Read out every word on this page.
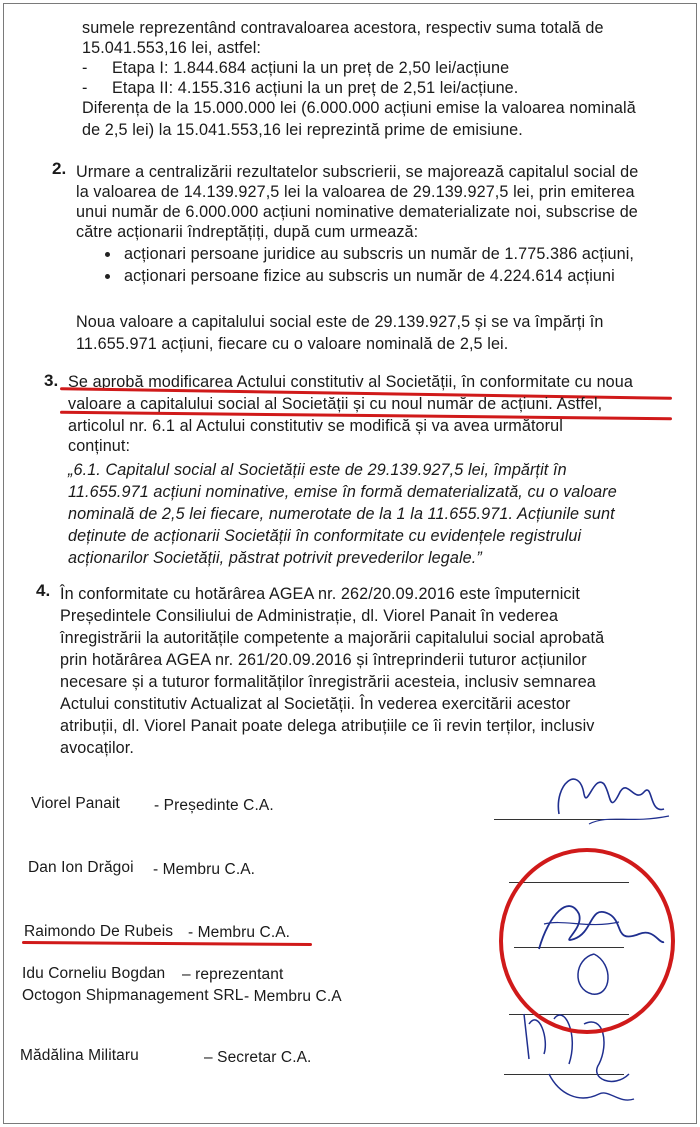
sumele reprezentând contravaloarea acestora, respectiv suma totală de
15.041.553,16 lei, astfel:
- Etapa I: 1.844.684 acțiuni la un preț de 2,50 lei/acțiune
- Etapa II: 4.155.316 acțiuni la un preț de 2,51 lei/acțiune.
Diferența de la 15.000.000 lei (6.000.000 acțiuni emise la valoarea nominală
de 2,5 lei) la 15.041.553,16 lei reprezintă prime de emisiune.
2. Urmare a centralizării rezultatelor subscrierii, se majorează capitalul social de
la valoarea de 14.139.927,5 lei la valoarea de 29.139.927,5 lei, prin emiterea
unui număr de 6.000.000 acțiuni nominative dematerializate noi, subscrise de
către acționarii îndreptățiți, după cum urmează:
acționari persoane juridice au subscris un număr de 1.775.386 acțiuni,
acționari persoane fizice au subscris un număr de 4.224.614 acțiuni
Noua valoare a capitalului social este de 29.139.927,5 și se va împărți în
11.655.971 acțiuni, fiecare cu o valoare nominală de 2,5 lei.
3. Se aprobă modificarea Actului constitutiv al Societății, în conformitate cu noua
valoare a capitalului social al Societății și cu noul număr de acțiuni. Astfel,
articolul nr. 6.1 al Actului constitutiv se modifică și va avea următorul
conținut:
„6.1. Capitalul social al Societății este de 29.139.927,5 lei, împărțit în
11.655.971 acțiuni nominative, emise în formă dematerializată, cu o valoare
nominală de 2,5 lei fiecare, numerotate de la 1 la 11.655.971. Acțiunile sunt
deținute de acționarii Societății în conformitate cu evidențele registrului
acționarilor Societății, păstrat potrivit prevederilor legale.”
4. În conformitate cu hotărârea AGEA nr. 262/20.09.2016 este împuternicit
Președintele Consiliului de Administrație, dl. Viorel Panait în vederea
înregistrării la autoritățile competente a majorării capitalului social aprobată
prin hotărârea AGEA nr. 261/20.09.2016 și întreprinderii tuturor acțiunilor
necesare și a tuturor formalităților înregistrării acesteia, inclusiv semnarea
Actului constitutiv Actualizat al Societății. În vederea exercitării acestor
atribuții, dl. Viorel Panait poate delega atribuțiile ce îi revin terților, inclusiv
avocaților.
Viorel Panait - Președinte C.A.
Dan Ion Drăgoi - Membru C.A.
Raimondo De Rubeis - Membru C.A.
Idu Corneliu Bogdan – reprezentant
Octogon Shipmanagement SRL - Membru C.A
Mădălina Militaru	– Secretar C.A.
